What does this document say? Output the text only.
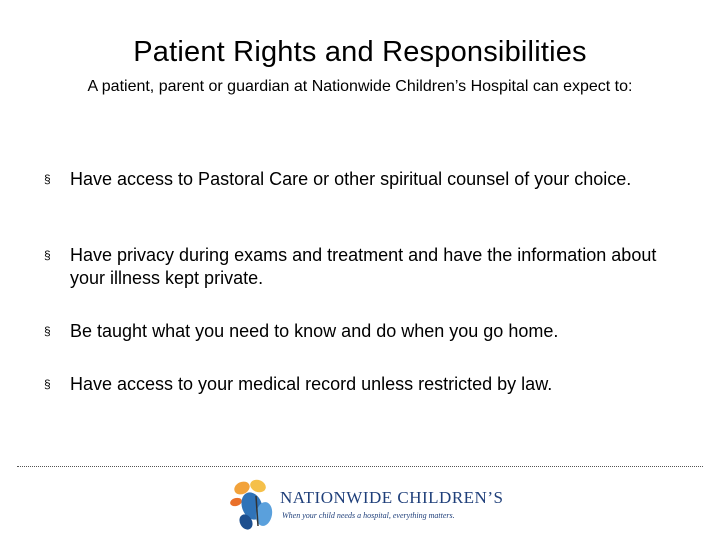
Patient Rights and Responsibilities
A patient, parent or guardian at Nationwide Children’s Hospital can expect to:
§ Have access to Pastoral Care or other spiritual counsel of your choice.
§ Have privacy during exams and treatment and have the information about your illness kept private.
§ Be taught what you need to know and do when you go home.
§ Have access to your medical record unless restricted by law.
NATIONWIDE CHILDREN’S
When your child needs a hospital, everything matters.
